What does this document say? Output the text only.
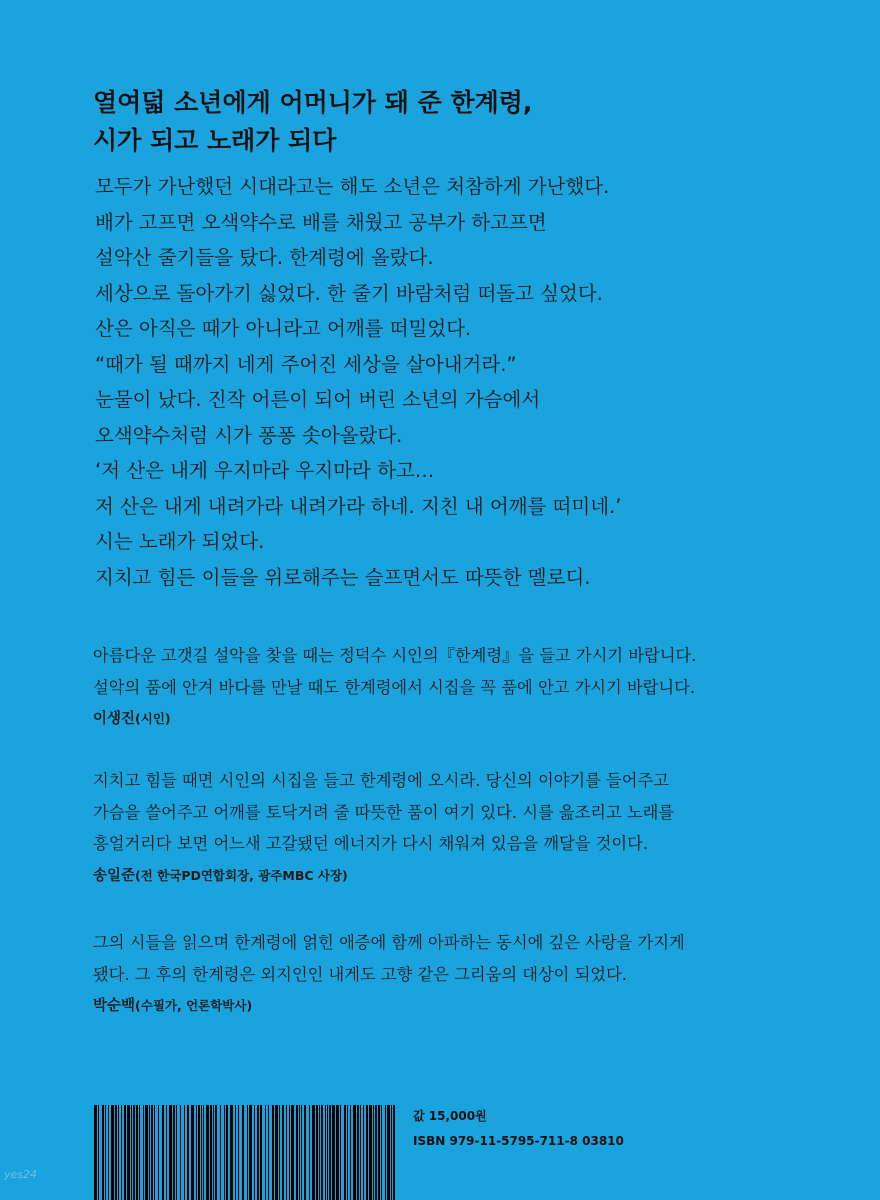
열여덟 소년에게 어머니가 돼 준 한계령,
시가 되고 노래가 되다
모두가 가난했던 시대라고는 해도 소년은 처참하게 가난했다.
배가 고프면 오색약수로 배를 채웠고 공부가 하고프면
설악산 줄기들을 탔다. 한계령에 올랐다.
세상으로 돌아가기 싫었다. 한 줄기 바람처럼 떠돌고 싶었다.
산은 아직은 때가 아니라고 어깨를 떠밀었다.
“때가 될 때까지 네게 주어진 세상을 살아내거라.”
눈물이 났다. 진작 어른이 되어 버린 소년의 가슴에서
오색약수처럼 시가 퐁퐁 솟아올랐다.
‘저 산은 내게 우지마라 우지마라 하고…
저 산은 내게 내려가라 내려가라 하네. 지친 내 어깨를 떠미네.’
시는 노래가 되었다.
지치고 힘든 이들을 위로해주는 슬프면서도 따뜻한 멜로디.
아름다운 고갯길 설악을 찾을 때는 정덕수 시인의『한계령』을 들고 가시기 바랍니다.
설악의 품에 안겨 바다를 만날 때도 한계령에서 시집을 꼭 품에 안고 가시기 바랍니다.
이생진(시인)
지치고 힘들 때면 시인의 시집을 들고 한계령에 오시라. 당신의 이야기를 들어주고
가슴을 쓸어주고 어깨를 토닥거려 줄 따뜻한 품이 여기 있다. 시를 읊조리고 노래를
흥얼거리다 보면 어느새 고갈됐던 에너지가 다시 채워져 있음을 깨달을 것이다.
송일준(전 한국PD연합회장, 광주MBC 사장)
그의 시들을 읽으며 한계령에 얽힌 애증에 함께 아파하는 동시에 깊은 사랑을 가지게
됐다. 그 후의 한계령은 외지인인 내게도 고향 같은 그리움의 대상이 되었다.
박순백(수필가, 언론학박사)
값 15,000원
ISBN 979-11-5795-711-8 03810
yes24
